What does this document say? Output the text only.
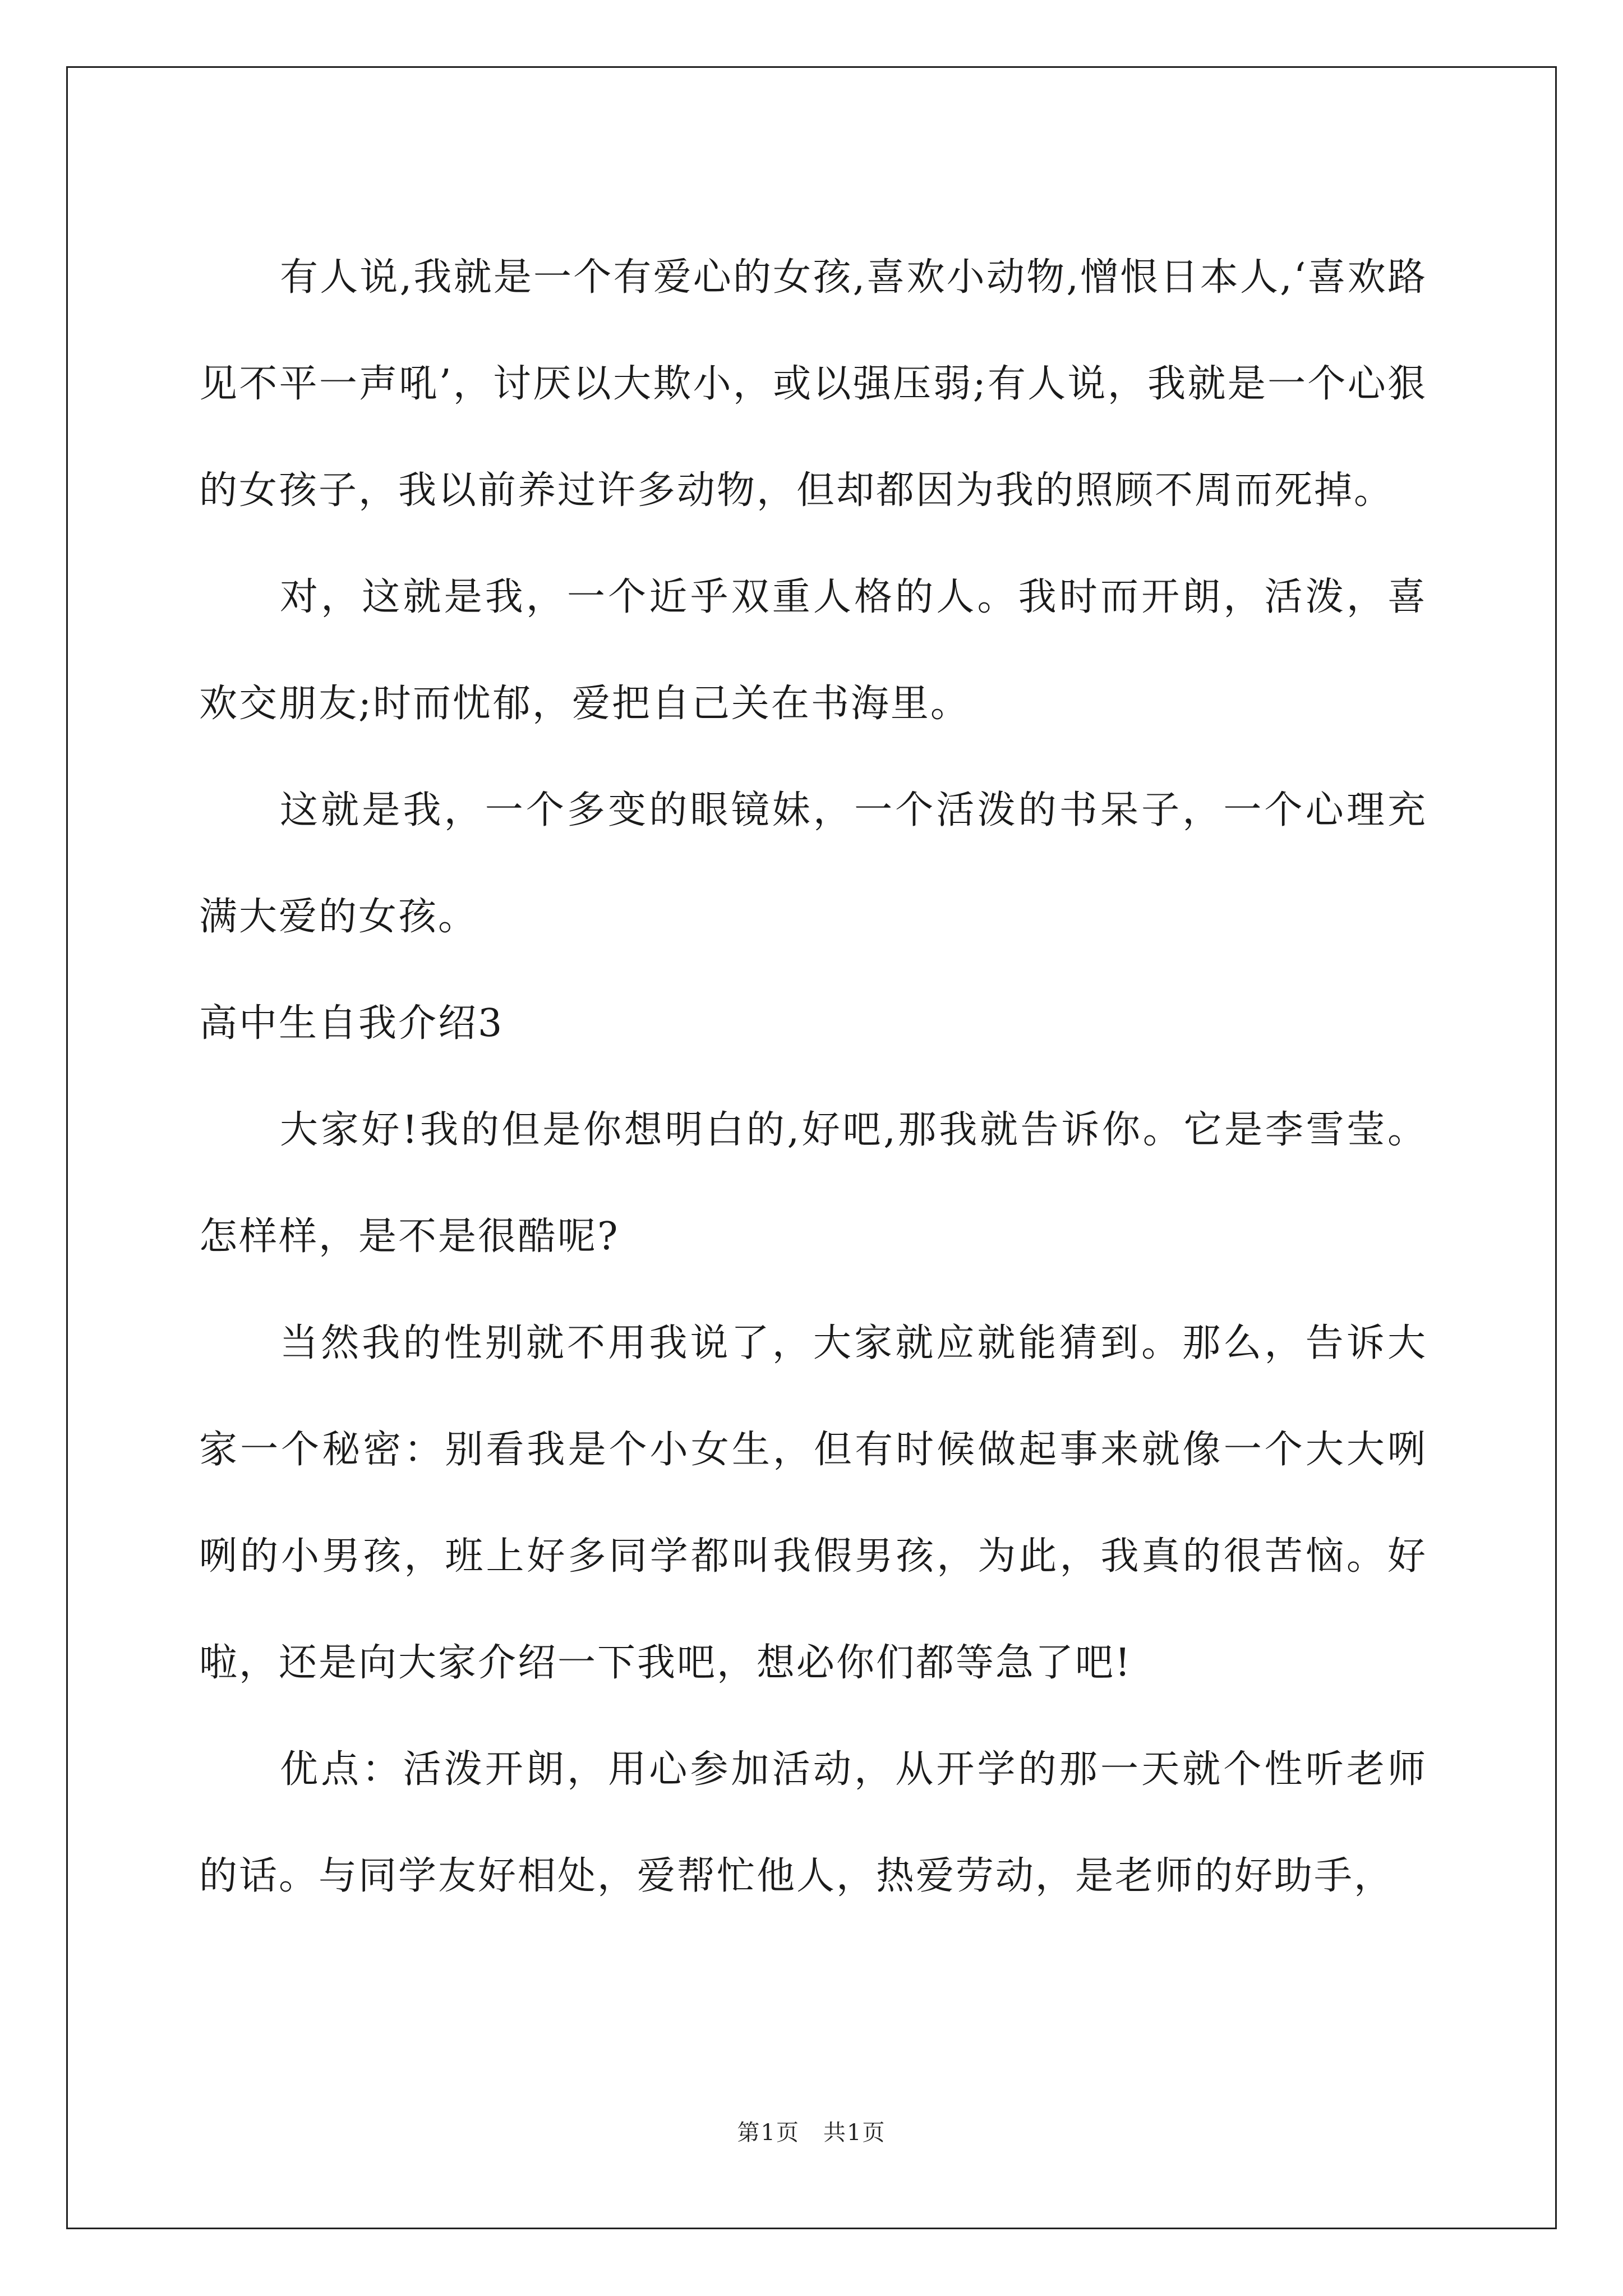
有人说,我就是一个有爱心的女孩,喜欢小动物,憎恨日本人,‘喜欢路见不平一声吼’，讨厌以大欺小，或以强压弱;有人说，我就是一个心狠的女孩子，我以前养过许多动物，但却都因为我的照顾不周而死掉。

对，这就是我，一个近乎双重人格的人。我时而开朗，活泼，喜欢交朋友;时而忧郁，爱把自己关在书海里。

这就是我，一个多变的眼镜妹，一个活泼的书呆子，一个心理充满大爱的女孩。

高中生自我介绍3

大家好!我的但是你想明白的,好吧,那我就告诉你。它是李雪莹。怎样样，是不是很酷呢?

当然我的性别就不用我说了，大家就应就能猜到。那么，告诉大家一个秘密：别看我是个小女生，但有时候做起事来就像一个大大咧咧的小男孩，班上好多同学都叫我假男孩，为此，我真的很苦恼。好啦，还是向大家介绍一下我吧，想必你们都等急了吧!

优点：活泼开朗，用心参加活动，从开学的那一天就个性听老师的话。与同学友好相处，爱帮忙他人，热爱劳动，是老师的好助手，

第1页　共1页
